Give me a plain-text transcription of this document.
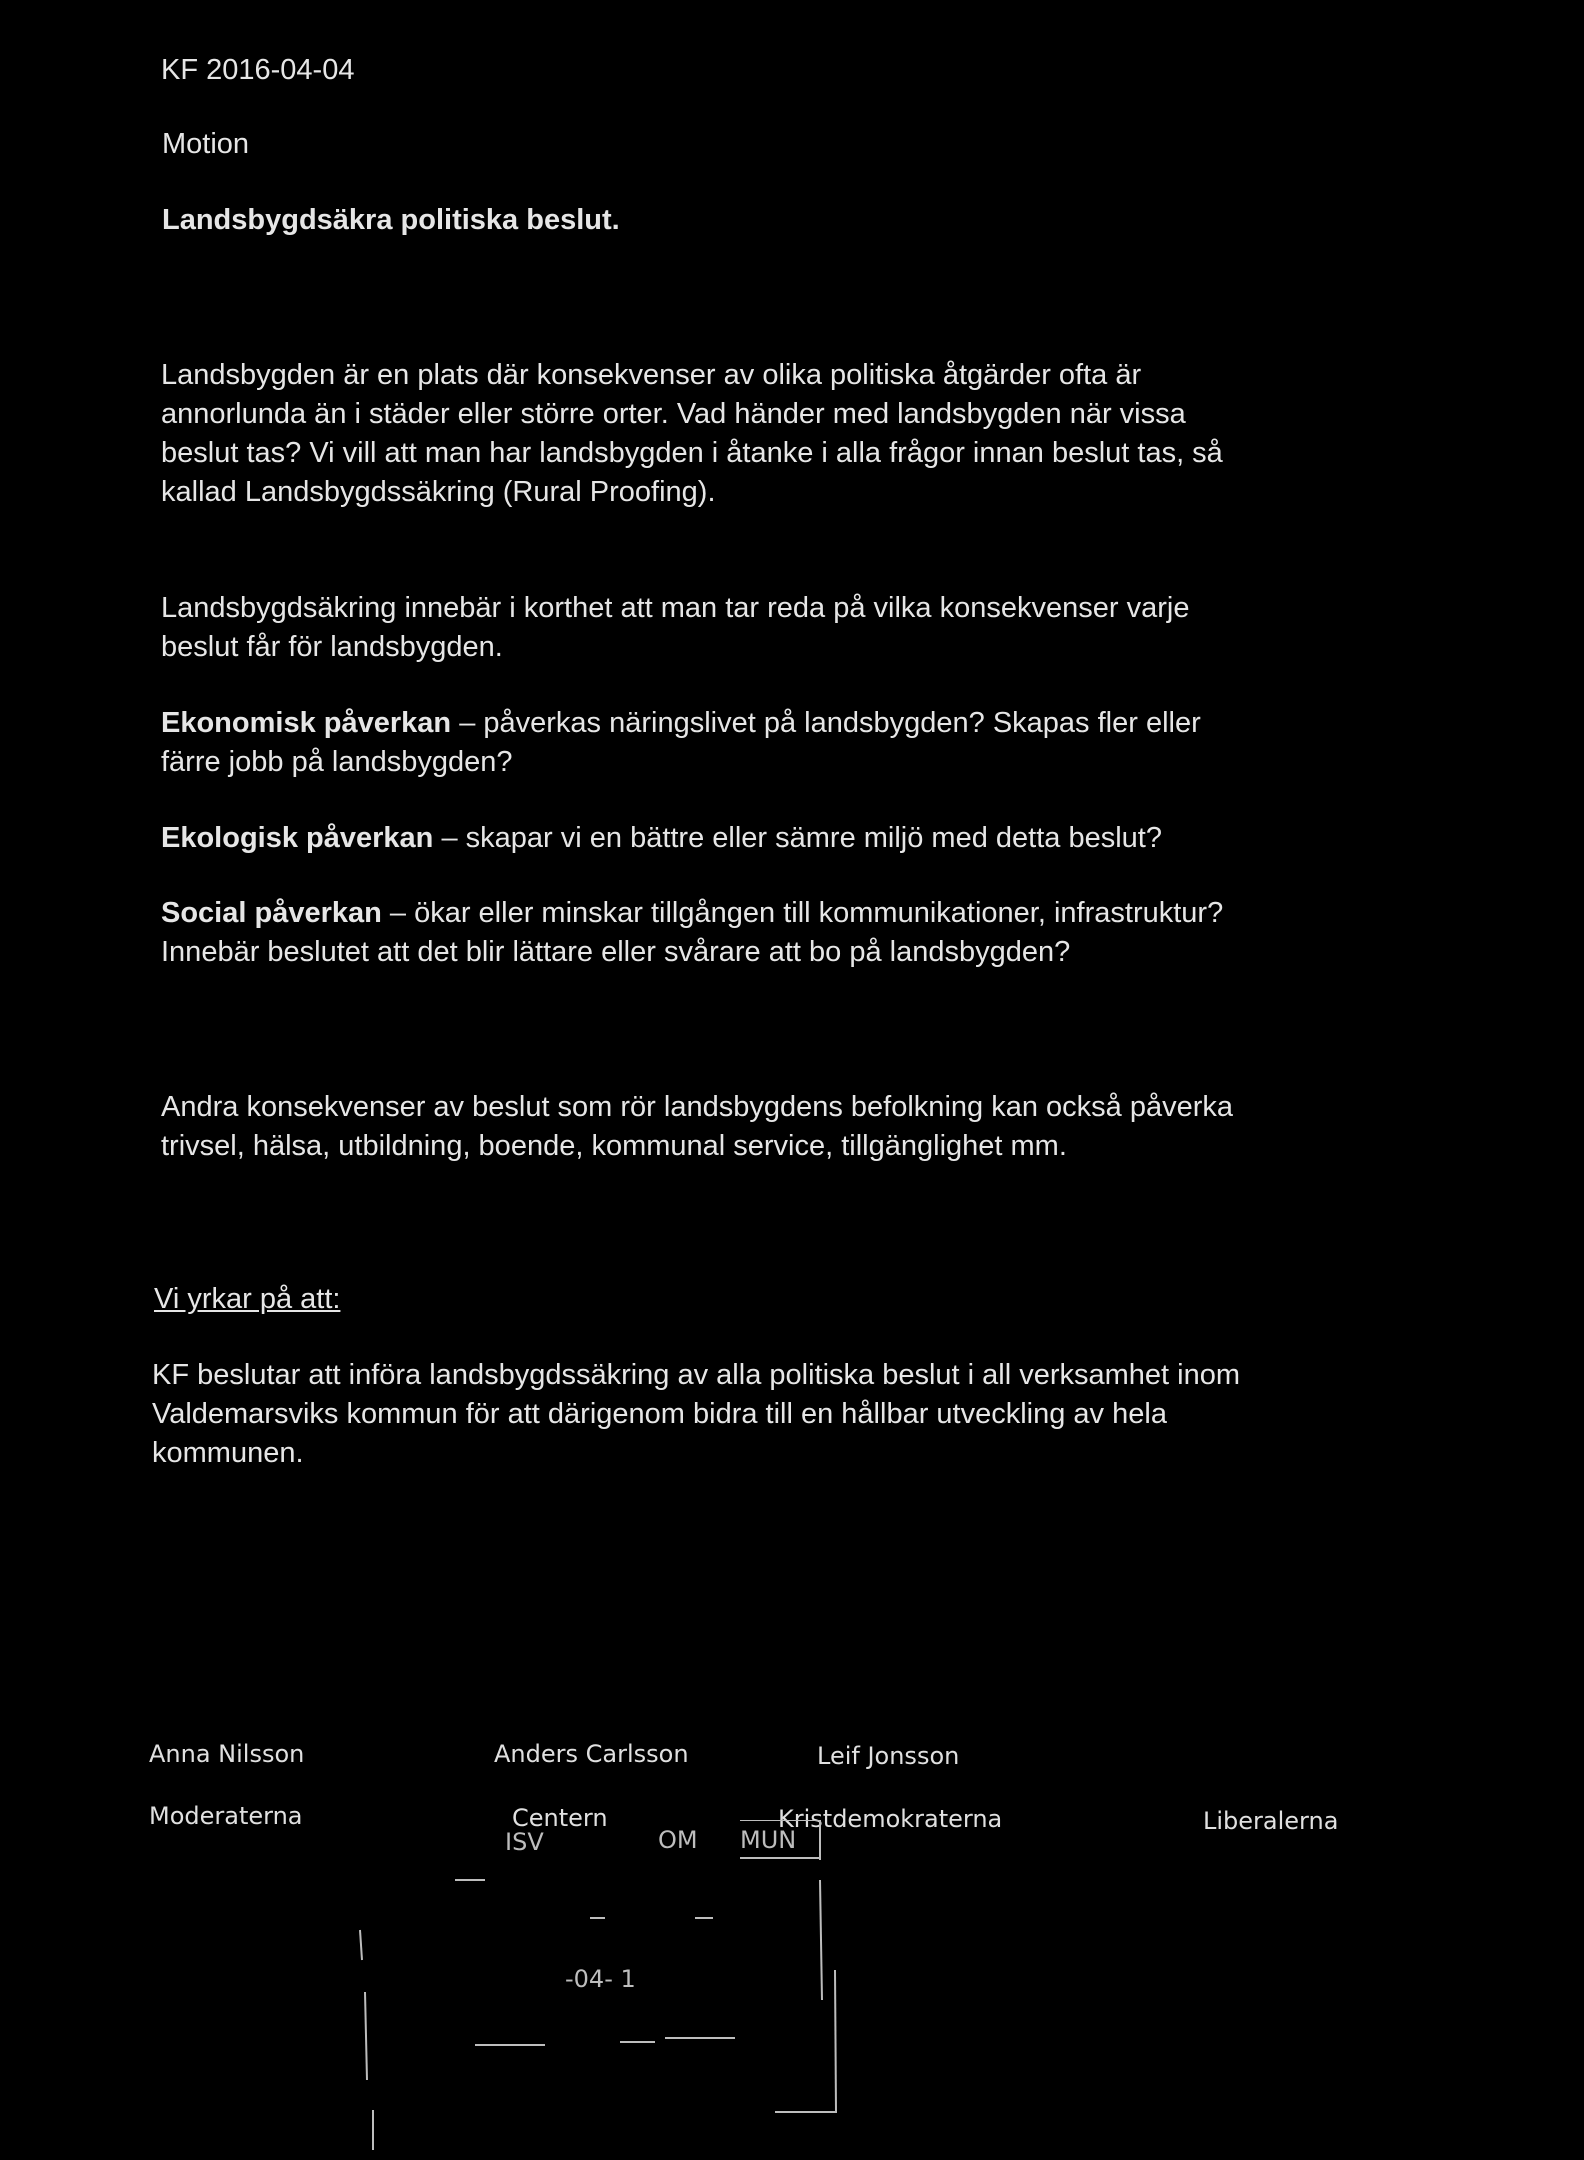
KF 2016-04-04
Motion
Landsbygdsäkra politiska beslut.

Landsbygden är en plats där konsekvenser av olika politiska åtgärder ofta är

annorlunda än i städer eller större orter. Vad händer med landsbygden när vissa

beslut tas? Vi vill att man har landsbygden i åtanke i alla frågor innan beslut tas, så

kallad Landsbygdssäkring (Rural Proofing).

Landsbygdsäkring innebär i korthet att man tar reda på vilka konsekvenser varje

beslut får för landsbygden.

Ekonomisk påverkan – påverkas näringslivet på landsbygden? Skapas fler eller

färre jobb på landsbygden?

Ekologisk påverkan – skapar vi en bättre eller sämre miljö med detta beslut?

Social påverkan – ökar eller minskar tillgången till kommunikationer, infrastruktur?

Innebär beslutet att det blir lättare eller svårare att bo på landsbygden?

Andra konsekvenser av beslut som rör landsbygdens befolkning kan också påverka

trivsel, hälsa, utbildning, boende, kommunal service, tillgänglighet mm.

Vi yrkar på att:

KF beslutar att införa landsbygdssäkring av alla politiska beslut i all verksamhet inom

Valdemarsviks kommun för att därigenom bidra till en hållbar utveckling av hela

kommunen.

Anna Nilsson	Anders Carlsson	Leif Jonsson
Moderaterna	Centern	Kristdemokraterna	Liberalerna
ISV	OM MUN
-04- 1
